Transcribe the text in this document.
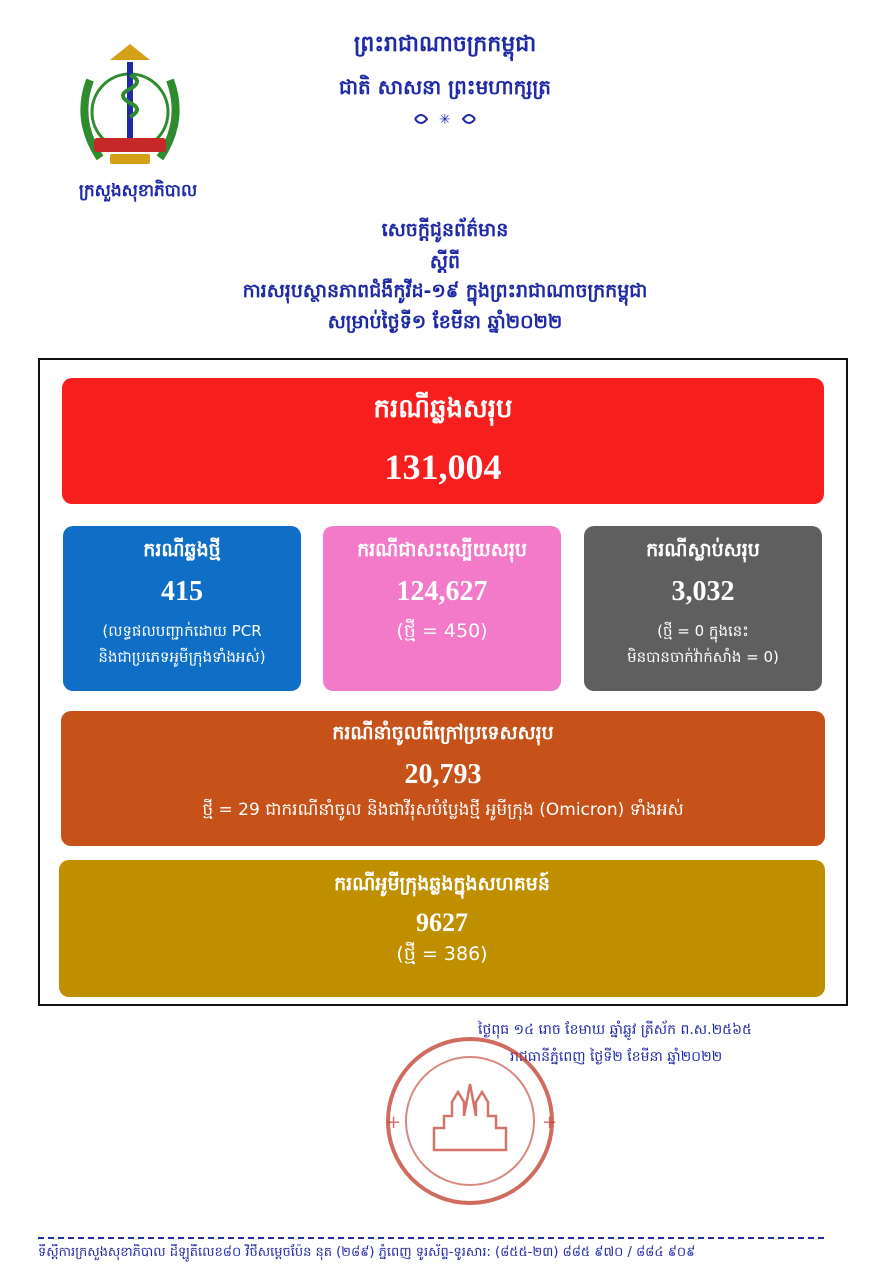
ព្រះរាជាណាចក្រកម្ពុជា
ជាតិ សាសនា ព្រះមហាក្សត្រ
✳
ក្រសួងសុខាភិបាល
សេចក្តីជូនព័ត៌មាន
ស្តីពី
ការសរុបស្ថានភាពជំងឺកូវីដ-១៩ ក្នុងព្រះរាជាណាចក្រកម្ពុជា
សម្រាប់ថ្ងៃទី១ ខែមីនា ឆ្នាំ២០២២
ករណីឆ្លងសរុប
131,004
ករណីឆ្លងថ្មី
415
(លទ្ធផលបញ្ជាក់ដោយ PCR
និងជាប្រភេទអូមីក្រុងទាំងអស់)
ករណីជាសះស្បើយសរុប
124,627
(ថ្មី = 450)
ករណីស្លាប់សរុប
3,032
(ថ្មី = 0 ក្នុងនេះ
មិនបានចាក់វ៉ាក់សាំង = 0)
ករណីនាំចូលពីក្រៅប្រទេសសរុប
20,793
ថ្មី = 29 ជាករណីនាំចូល និងជាវីរុសបំប្លែងថ្មី អូមីក្រុង (Omicron) ទាំងអស់
ករណីអូមីក្រុងឆ្លងក្នុងសហគមន៍
9627
(ថ្មី = 386)
ថ្ងៃពុធ ១៤ រោច ខែមាឃ ឆ្នាំឆ្លូវ ត្រីស័ក ព.ស.២៥៦៥
រាជធានីភ្នំពេញ ថ្ងៃទី២ ខែមីនា ឆ្នាំ២០២២
+	+
ទីស្តីការក្រសួងសុខាភិបាល ដីឡូតិ៍លេខ៨០ វិថីសម្តេចប៉ែន នុត (២៨៩) ភ្នំពេញ ទូរស័ព្ទ-ទូរសារ: (៨៥៥-២៣) ៨៨៥ ៩៧០ / ៨៨៤ ៩០៩
